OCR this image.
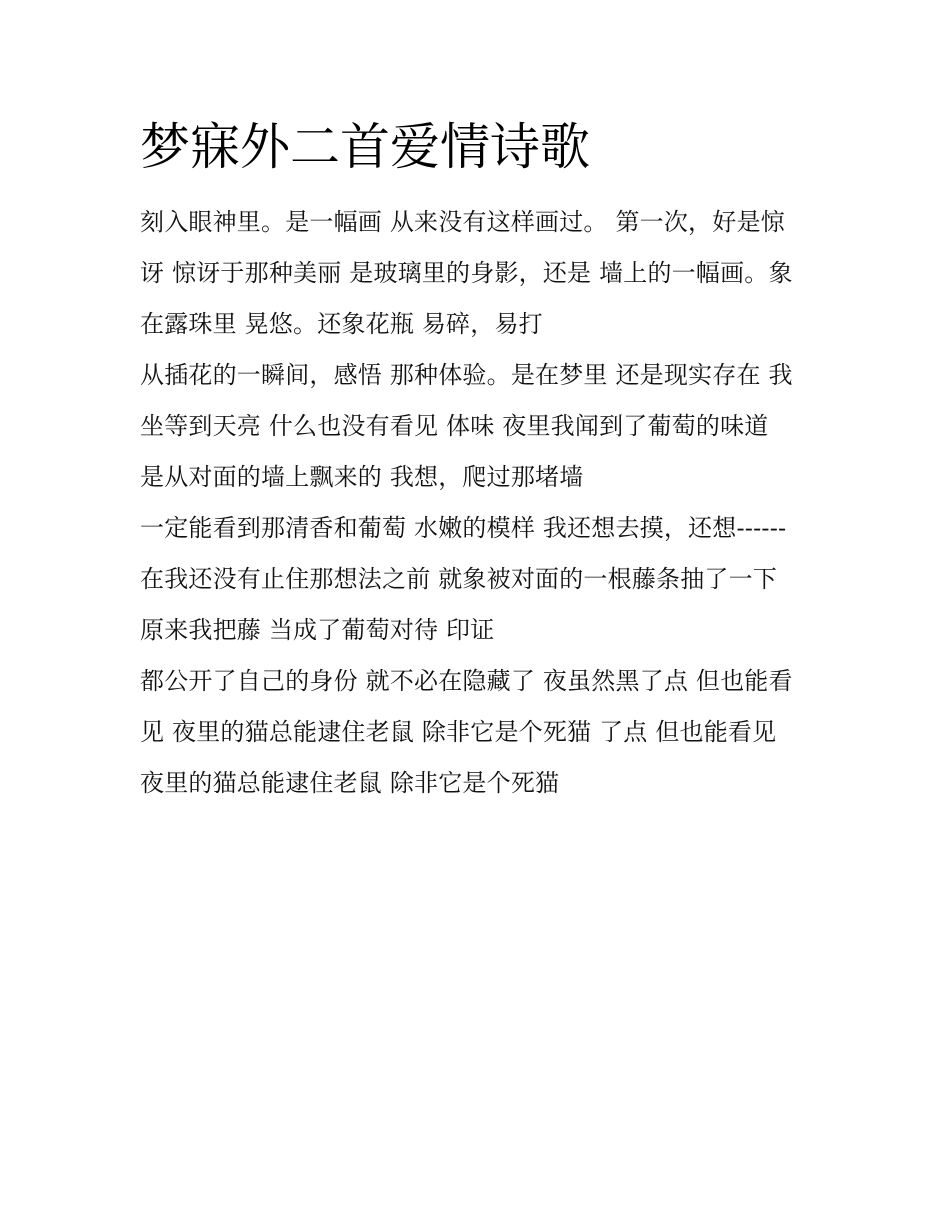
梦寐外二首爱情诗歌

刻入眼神里。是一幅画 从来没有这样画过。 第一次，好是惊

讶 惊讶于那种美丽 是玻璃里的身影，还是 墙上的一幅画。象

在露珠里 晃悠。还象花瓶 易碎，易打

从插花的一瞬间，感悟 那种体验。是在梦里 还是现实存在 我

坐等到天亮 什么也没有看见 体味 夜里我闻到了葡萄的味道

是从对面的墙上飘来的 我想，爬过那堵墙

一定能看到那清香和葡萄 水嫩的模样 我还想去摸，还想------

在我还没有止住那想法之前 就象被对面的一根藤条抽了一下

原来我把藤 当成了葡萄对待 印证

都公开了自己的身份 就不必在隐藏了 夜虽然黑了点 但也能看

见 夜里的猫总能逮住老鼠 除非它是个死猫 了点 但也能看见

夜里的猫总能逮住老鼠 除非它是个死猫
